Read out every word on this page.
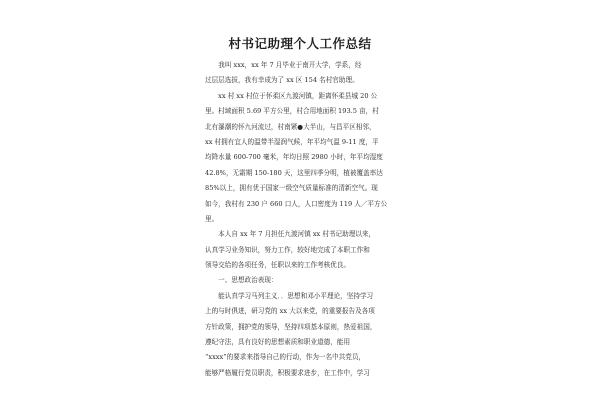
村书记助理个人工作总结
　　我叫 xxx，xx 年 7 月毕业于南开大学，学系，经
过层层选拔，我有幸成为了 xx 区 154 名村官助理。
　　xx 村 xx 村位于怀柔区九渡河镇，距离怀柔县城 20 公
里。村域面积 5.69 平方公里，村合用地面积 193.5 亩，村
北有瀑潮的怀九河流过，村南紧●大半山，与昌平区相邻，
xx 村拥有宜人的温带半湿润气候，年平均气温 9-11 度，平
均降水量 600-700 毫米，年均日照 2980 小时，年平均湿度
42.8%，无霜期 150-180 天，这里四季分明，植被覆盖率达
85%以上，拥有优于国家一级空气质量标准的清新空气。现
如今，我村有 230 户 660 口人，人口密度为 119 人／平方公
里。
　　本人自 xx 年 7 月担任九渡河镇 xx 村书记助理以来，
认真学习业务知识，努力工作，较好地完成了本职工作和
领导交给的各项任务，任职以来的工作考核优良。
　　一、思想政治表现：
　　能认真学习马列主义．．思想和邓小平理论，坚持学习
上的与时俱进，研习党的 xx 大以来党，的重要报告及各项
方针政策，拥护党的领导，坚持四项基本原则，热爱祖国，
遵纪守法，具有良好的思想素质和职业道德，能用
“xxxx”的要求来指导自己的行动，作为一名中共党员，
能够严格履行党员职责，积极要求进步，在工作中，学习
